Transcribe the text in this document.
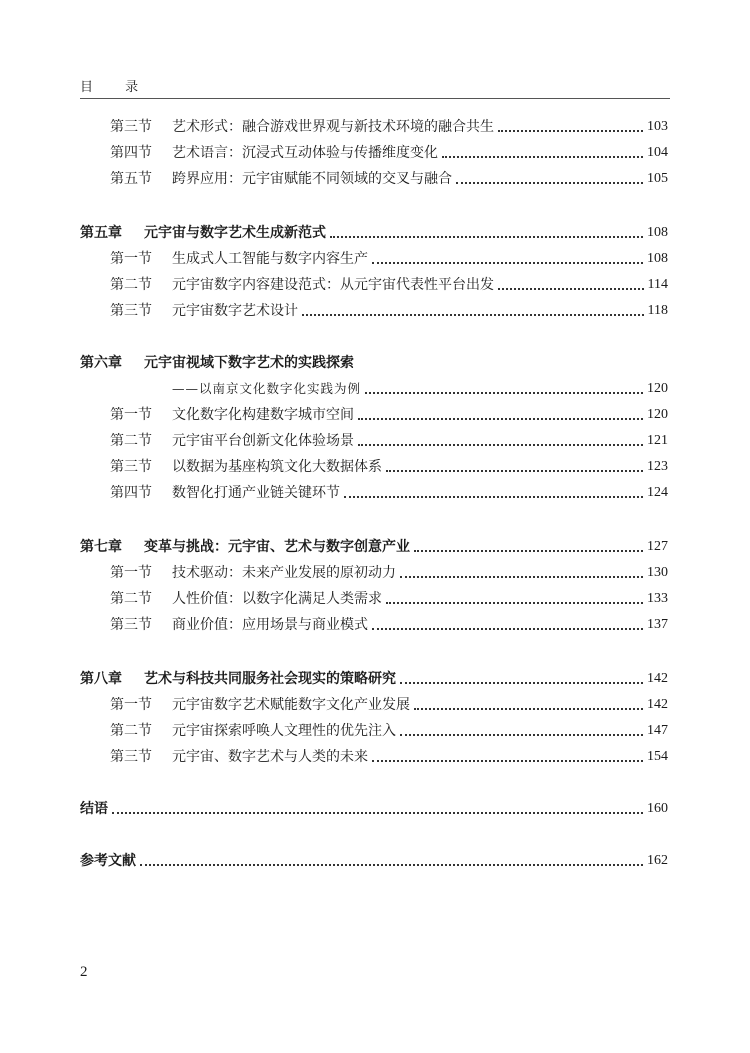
目 录
第三节	艺术形式：融合游戏世界观与新技术环境的融合共生	103
第四节	艺术语言：沉浸式互动体验与传播维度变化	104
第五节	跨界应用：元宇宙赋能不同领域的交叉与融合	105
第五章	元宇宙与数字艺术生成新范式	108
第一节	生成式人工智能与数字内容生产	108
第二节	元宇宙数字内容建设范式：从元宇宙代表性平台出发	114
第三节	元宇宙数字艺术设计	118
第六章	元宇宙视域下数字艺术的实践探索
——以南京文化数字化实践为例	120
第一节	文化数字化构建数字城市空间	120
第二节	元宇宙平台创新文化体验场景	121
第三节	以数据为基座构筑文化大数据体系	123
第四节	数智化打通产业链关键环节	124
第七章	变革与挑战：元宇宙、艺术与数字创意产业	127
第一节	技术驱动：未来产业发展的原初动力	130
第二节	人性价值：以数字化满足人类需求	133
第三节	商业价值：应用场景与商业模式	137
第八章	艺术与科技共同服务社会现实的策略研究	142
第一节	元宇宙数字艺术赋能数字文化产业发展	142
第二节	元宇宙探索呼唤人文理性的优先注入	147
第三节	元宇宙、数字艺术与人类的未来	154
结语	160
参考文献	162
2
